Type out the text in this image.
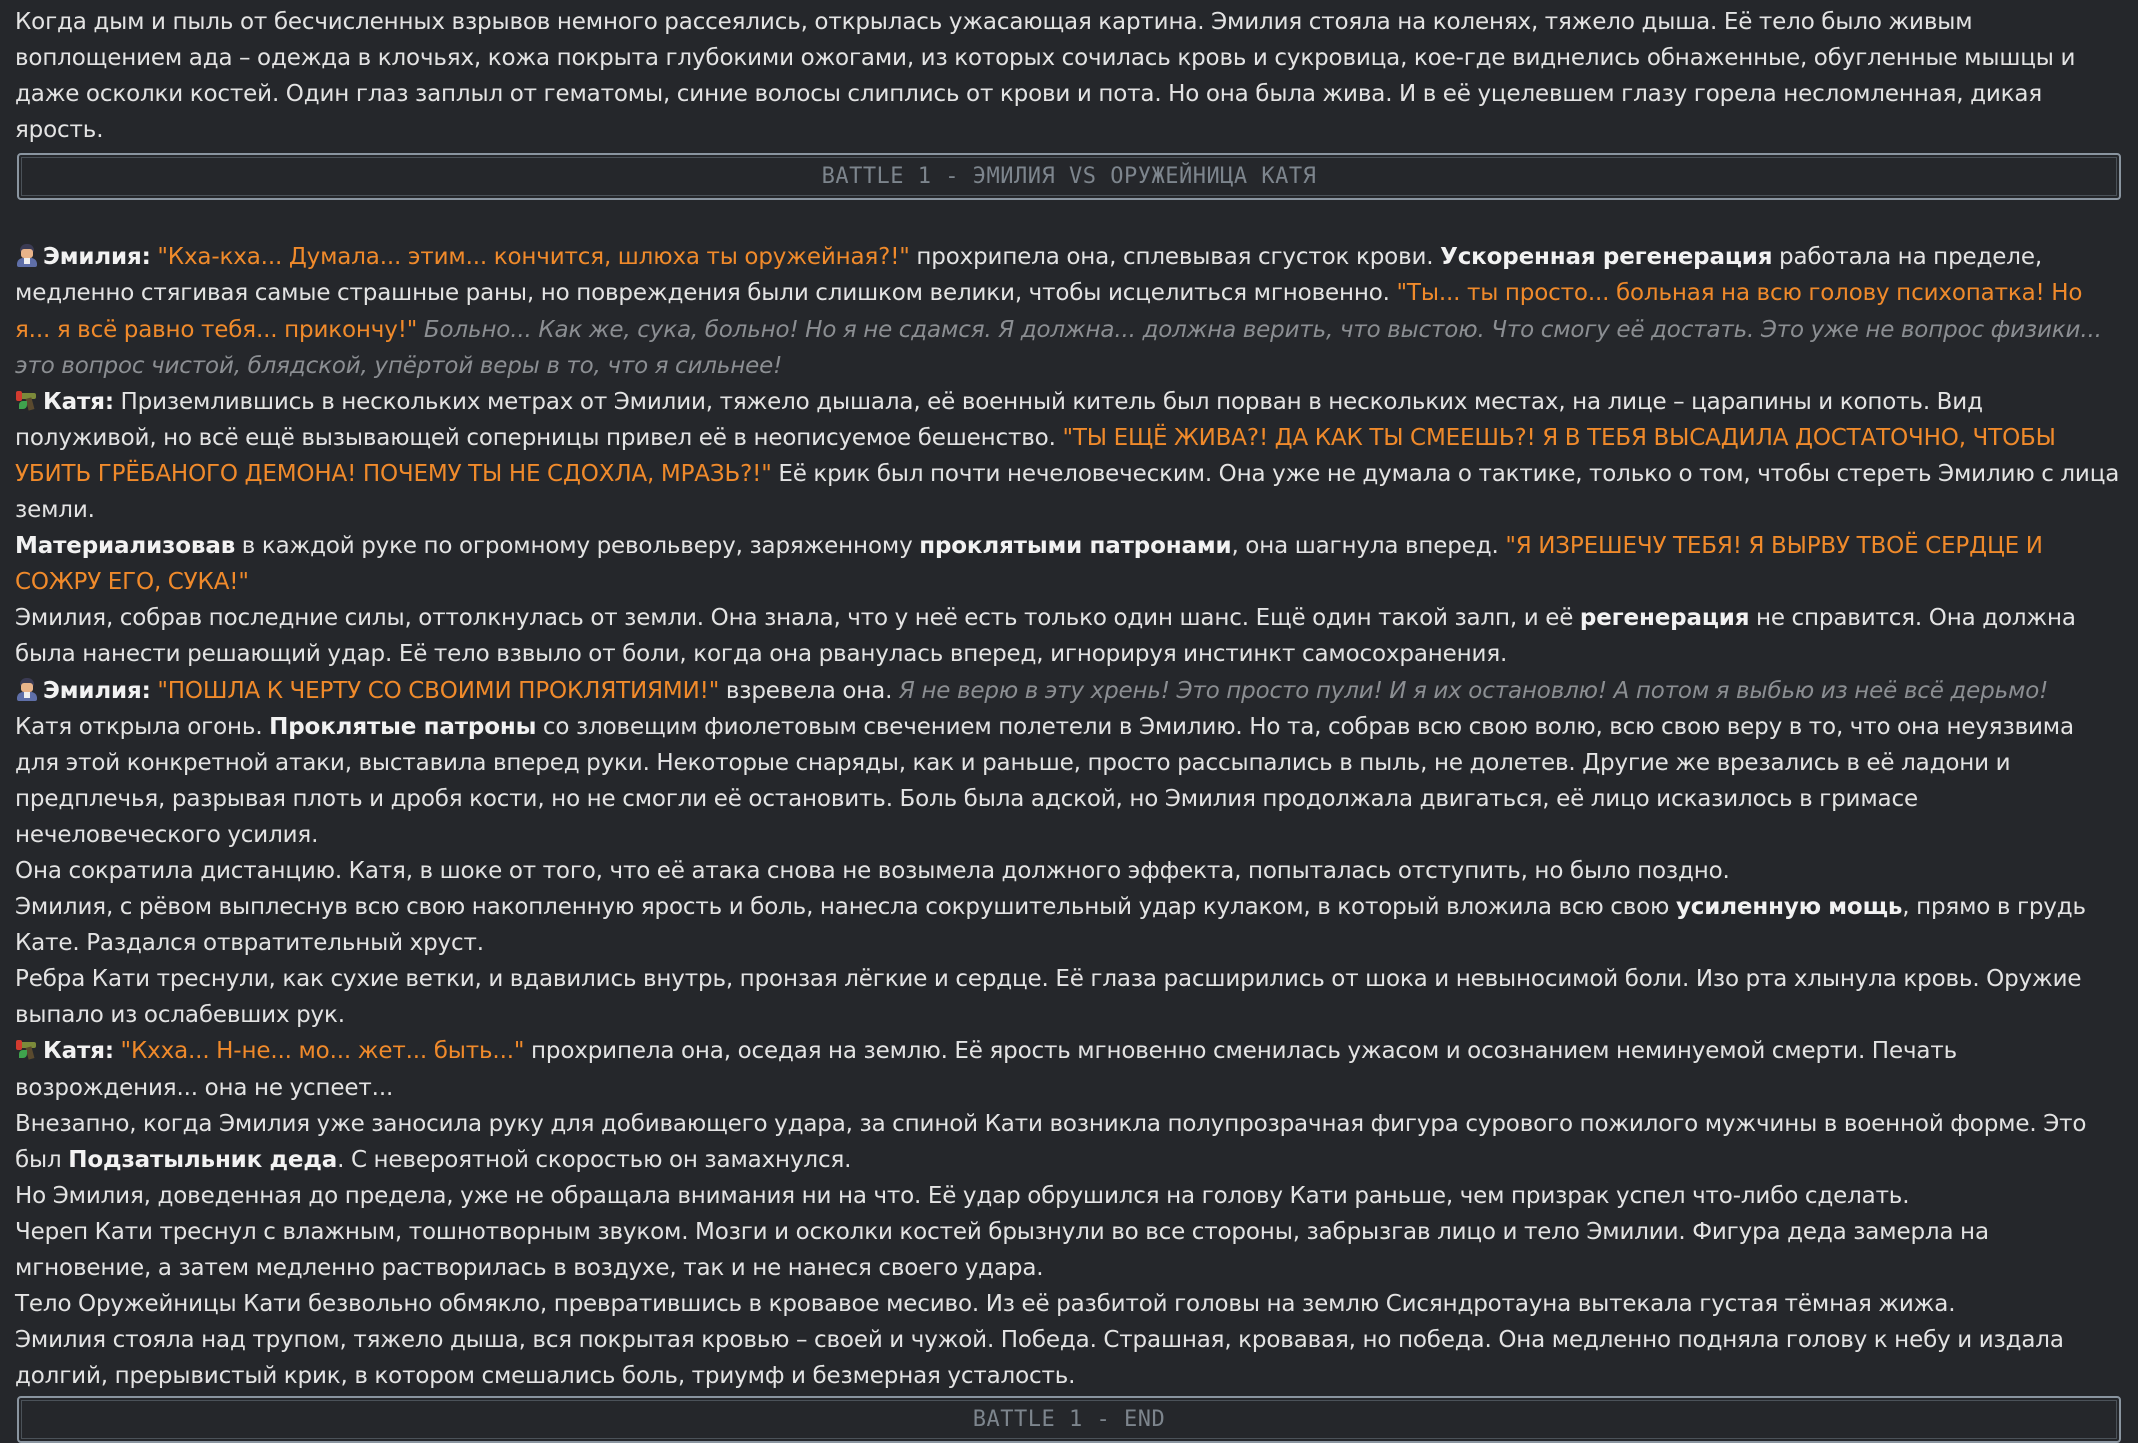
Когда дым и пыль от бесчисленных взрывов немного рассеялись, открылась ужасающая картина. Эмилия стояла на коленях, тяжело дыша. Её тело было живым воплощением ада – одежда в клочьях, кожа покрыта глубокими ожогами, из которых сочилась кровь и сукровица, кое-где виднелись обнаженные, обугленные мышцы и даже осколки костей. Один глаз заплыл от гематомы, синие волосы слиплись от крови и пота. Но она была жива. И в её уцелевшем глазу горела несломленная, дикая ярость.

BATTLE 1 - ЭМИЛИЯ VS ОРУЖЕЙНИЦА КАТЯ

Эмилия: "Кха-кха... Думала... этим... кончится, шлюха ты оружейная?!" прохрипела она, сплевывая сгусток крови. Ускоренная регенерация работала на пределе, медленно стягивая самые страшные раны, но повреждения были слишком велики, чтобы исцелиться мгновенно. "Ты... ты просто... больная на всю голову психопатка! Но я... я всё равно тебя... прикончу!" Больно... Как же, сука, больно! Но я не сдамся. Я должна... должна верить, что выстою. Что смогу её достать. Это уже не вопрос физики... это вопрос чистой, блядской, упёртой веры в то, что я сильнее!

Катя: Приземлившись в нескольких метрах от Эмилии, тяжело дышала, её военный китель был порван в нескольких местах, на лице – царапины и копоть. Вид полуживой, но всё ещё вызывающей соперницы привел её в неописуемое бешенство. "ТЫ ЕЩЁ ЖИВА?! ДА КАК ТЫ СМЕЕШЬ?! Я В ТЕБЯ ВЫСАДИЛА ДОСТАТОЧНО, ЧТОБЫ УБИТЬ ГРЁБАНОГО ДЕМОНА! ПОЧЕМУ ТЫ НЕ СДОХЛА, МРАЗЬ?!" Её крик был почти нечеловеческим. Она уже не думала о тактике, только о том, чтобы стереть Эмилию с лица земли.

Материализовав в каждой руке по огромному револьверу, заряженному проклятыми патронами, она шагнула вперед. "Я ИЗРЕШЕЧУ ТЕБЯ! Я ВЫРВУ ТВОЁ СЕРДЦЕ И СОЖРУ ЕГО, СУКА!"

Эмилия, собрав последние силы, оттолкнулась от земли. Она знала, что у неё есть только один шанс. Ещё один такой залп, и её регенерация не справится. Она должна была нанести решающий удар. Её тело взвыло от боли, когда она рванулась вперед, игнорируя инстинкт самосохранения.

Эмилия: "ПОШЛА К ЧЕРТУ СО СВОИМИ ПРОКЛЯТИЯМИ!" взревела она. Я не верю в эту хрень! Это просто пули! И я их остановлю! А потом я выбью из неё всё дерьмо!

Катя открыла огонь. Проклятые патроны со зловещим фиолетовым свечением полетели в Эмилию. Но та, собрав всю свою волю, всю свою веру в то, что она неуязвима для этой конкретной атаки, выставила вперед руки. Некоторые снаряды, как и раньше, просто рассыпались в пыль, не долетев. Другие же врезались в её ладони и предплечья, разрывая плоть и дробя кости, но не смогли её остановить. Боль была адской, но Эмилия продолжала двигаться, её лицо исказилось в гримасе нечеловеческого усилия.

Она сократила дистанцию. Катя, в шоке от того, что её атака снова не возымела должного эффекта, попыталась отступить, но было поздно.

Эмилия, с рёвом выплеснув всю свою накопленную ярость и боль, нанесла сокрушительный удар кулаком, в который вложила всю свою усиленную мощь, прямо в грудь Кате. Раздался отвратительный хруст.

Ребра Кати треснули, как сухие ветки, и вдавились внутрь, пронзая лёгкие и сердце. Её глаза расширились от шока и невыносимой боли. Изо рта хлынула кровь. Оружие выпало из ослабевших рук.

Катя: "Кхха... Н-не... мо... жет... быть..." прохрипела она, оседая на землю. Её ярость мгновенно сменилась ужасом и осознанием неминуемой смерти. Печать возрождения... она не успеет...

Внезапно, когда Эмилия уже заносила руку для добивающего удара, за спиной Кати возникла полупрозрачная фигура сурового пожилого мужчины в военной форме. Это был Подзатыльник деда. С невероятной скоростью он замахнулся.

Но Эмилия, доведенная до предела, уже не обращала внимания ни на что. Её удар обрушился на голову Кати раньше, чем призрак успел что-либо сделать.

Череп Кати треснул с влажным, тошнотворным звуком. Мозги и осколки костей брызнули во все стороны, забрызгав лицо и тело Эмилии. Фигура деда замерла на мгновение, а затем медленно растворилась в воздухе, так и не нанеся своего удара.

Тело Оружейницы Кати безвольно обмякло, превратившись в кровавое месиво. Из её разбитой головы на землю Сисяндротауна вытекала густая тёмная жижа.

Эмилия стояла над трупом, тяжело дыша, вся покрытая кровью – своей и чужой. Победа. Страшная, кровавая, но победа. Она медленно подняла голову к небу и издала долгий, прерывистый крик, в котором смешались боль, триумф и безмерная усталость.

BATTLE 1 - END
